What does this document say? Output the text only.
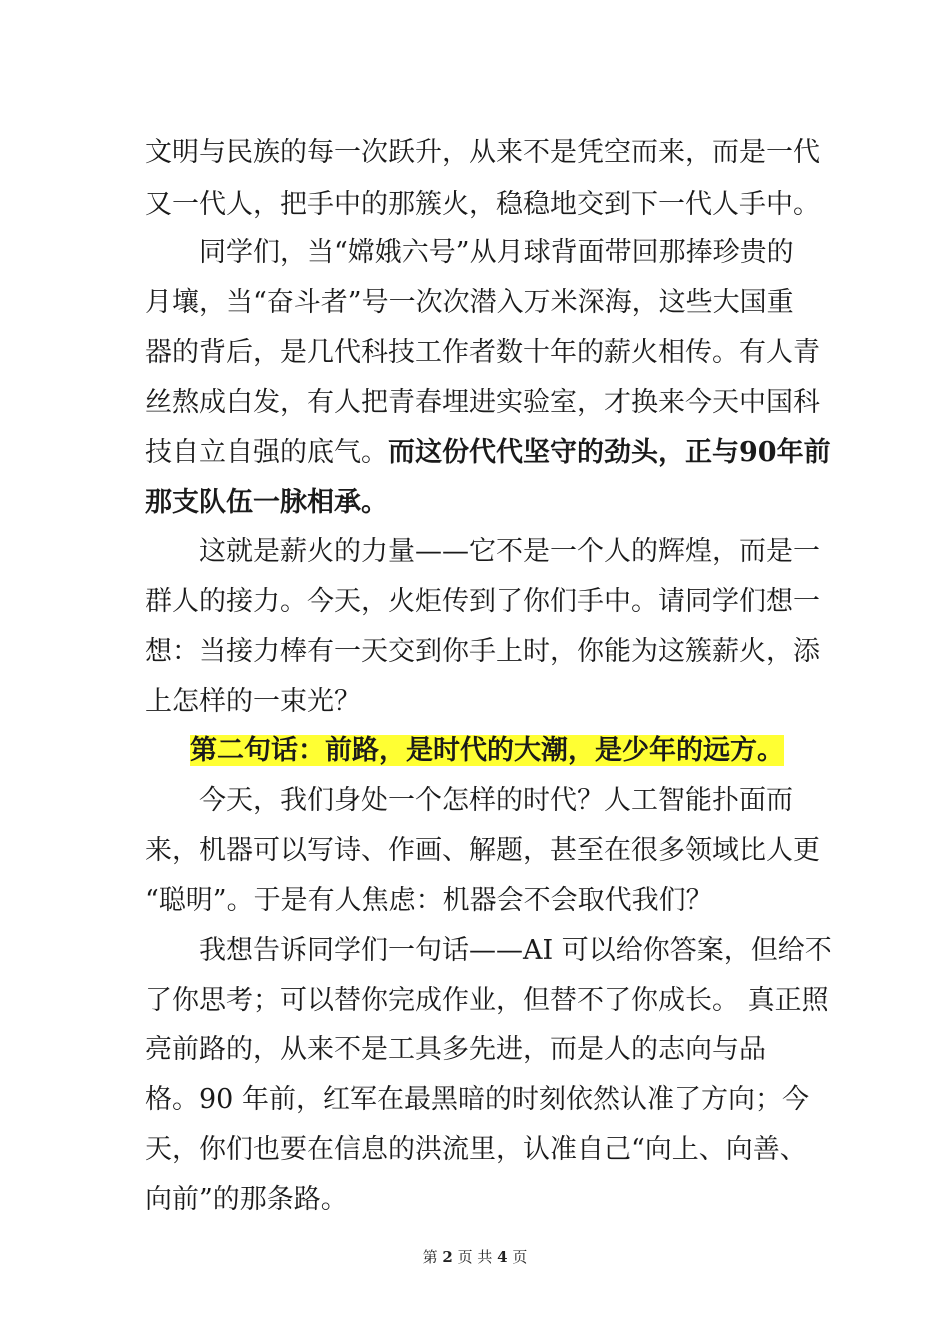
文明与民族的每一次跃升，从来不是凭空而来，而是一代
又一代人，把手中的那簇火，稳稳地交到下一代人手中。
同学们，当“嫦娥六号”从月球背面带回那捧珍贵的
月壤，当“奋斗者”号一次次潜入万米深海，这些大国重
器的背后，是几代科技工作者数十年的薪火相传。有人青
丝熬成白发，有人把青春埋进实验室，才换来今天中国科
技自立自强的底气。而这份代代坚守的劲头，正与90年前
那支队伍一脉相承。
这就是薪火的力量——它不是一个人的辉煌，而是一
群人的接力。今天，火炬传到了你们手中。请同学们想一
想：当接力棒有一天交到你手上时，你能为这簇薪火，添
上怎样的一束光？
第二句话：前路，是时代的大潮，是少年的远方。
今天，我们身处一个怎样的时代？人工智能扑面而
来，机器可以写诗、作画、解题，甚至在很多领域比人更
“聪明”。于是有人焦虑：机器会不会取代我们？
我想告诉同学们一句话——AI 可以给你答案，但给不
了你思考；可以替你完成作业，但替不了你成长。 真正照
亮前路的，从来不是工具多先进，而是人的志向与品
格。90 年前，红军在最黑暗的时刻依然认准了方向；今
天，你们也要在信息的洪流里，认准自己“向上、向善、
向前”的那条路。
第 2 页 共 4 页
